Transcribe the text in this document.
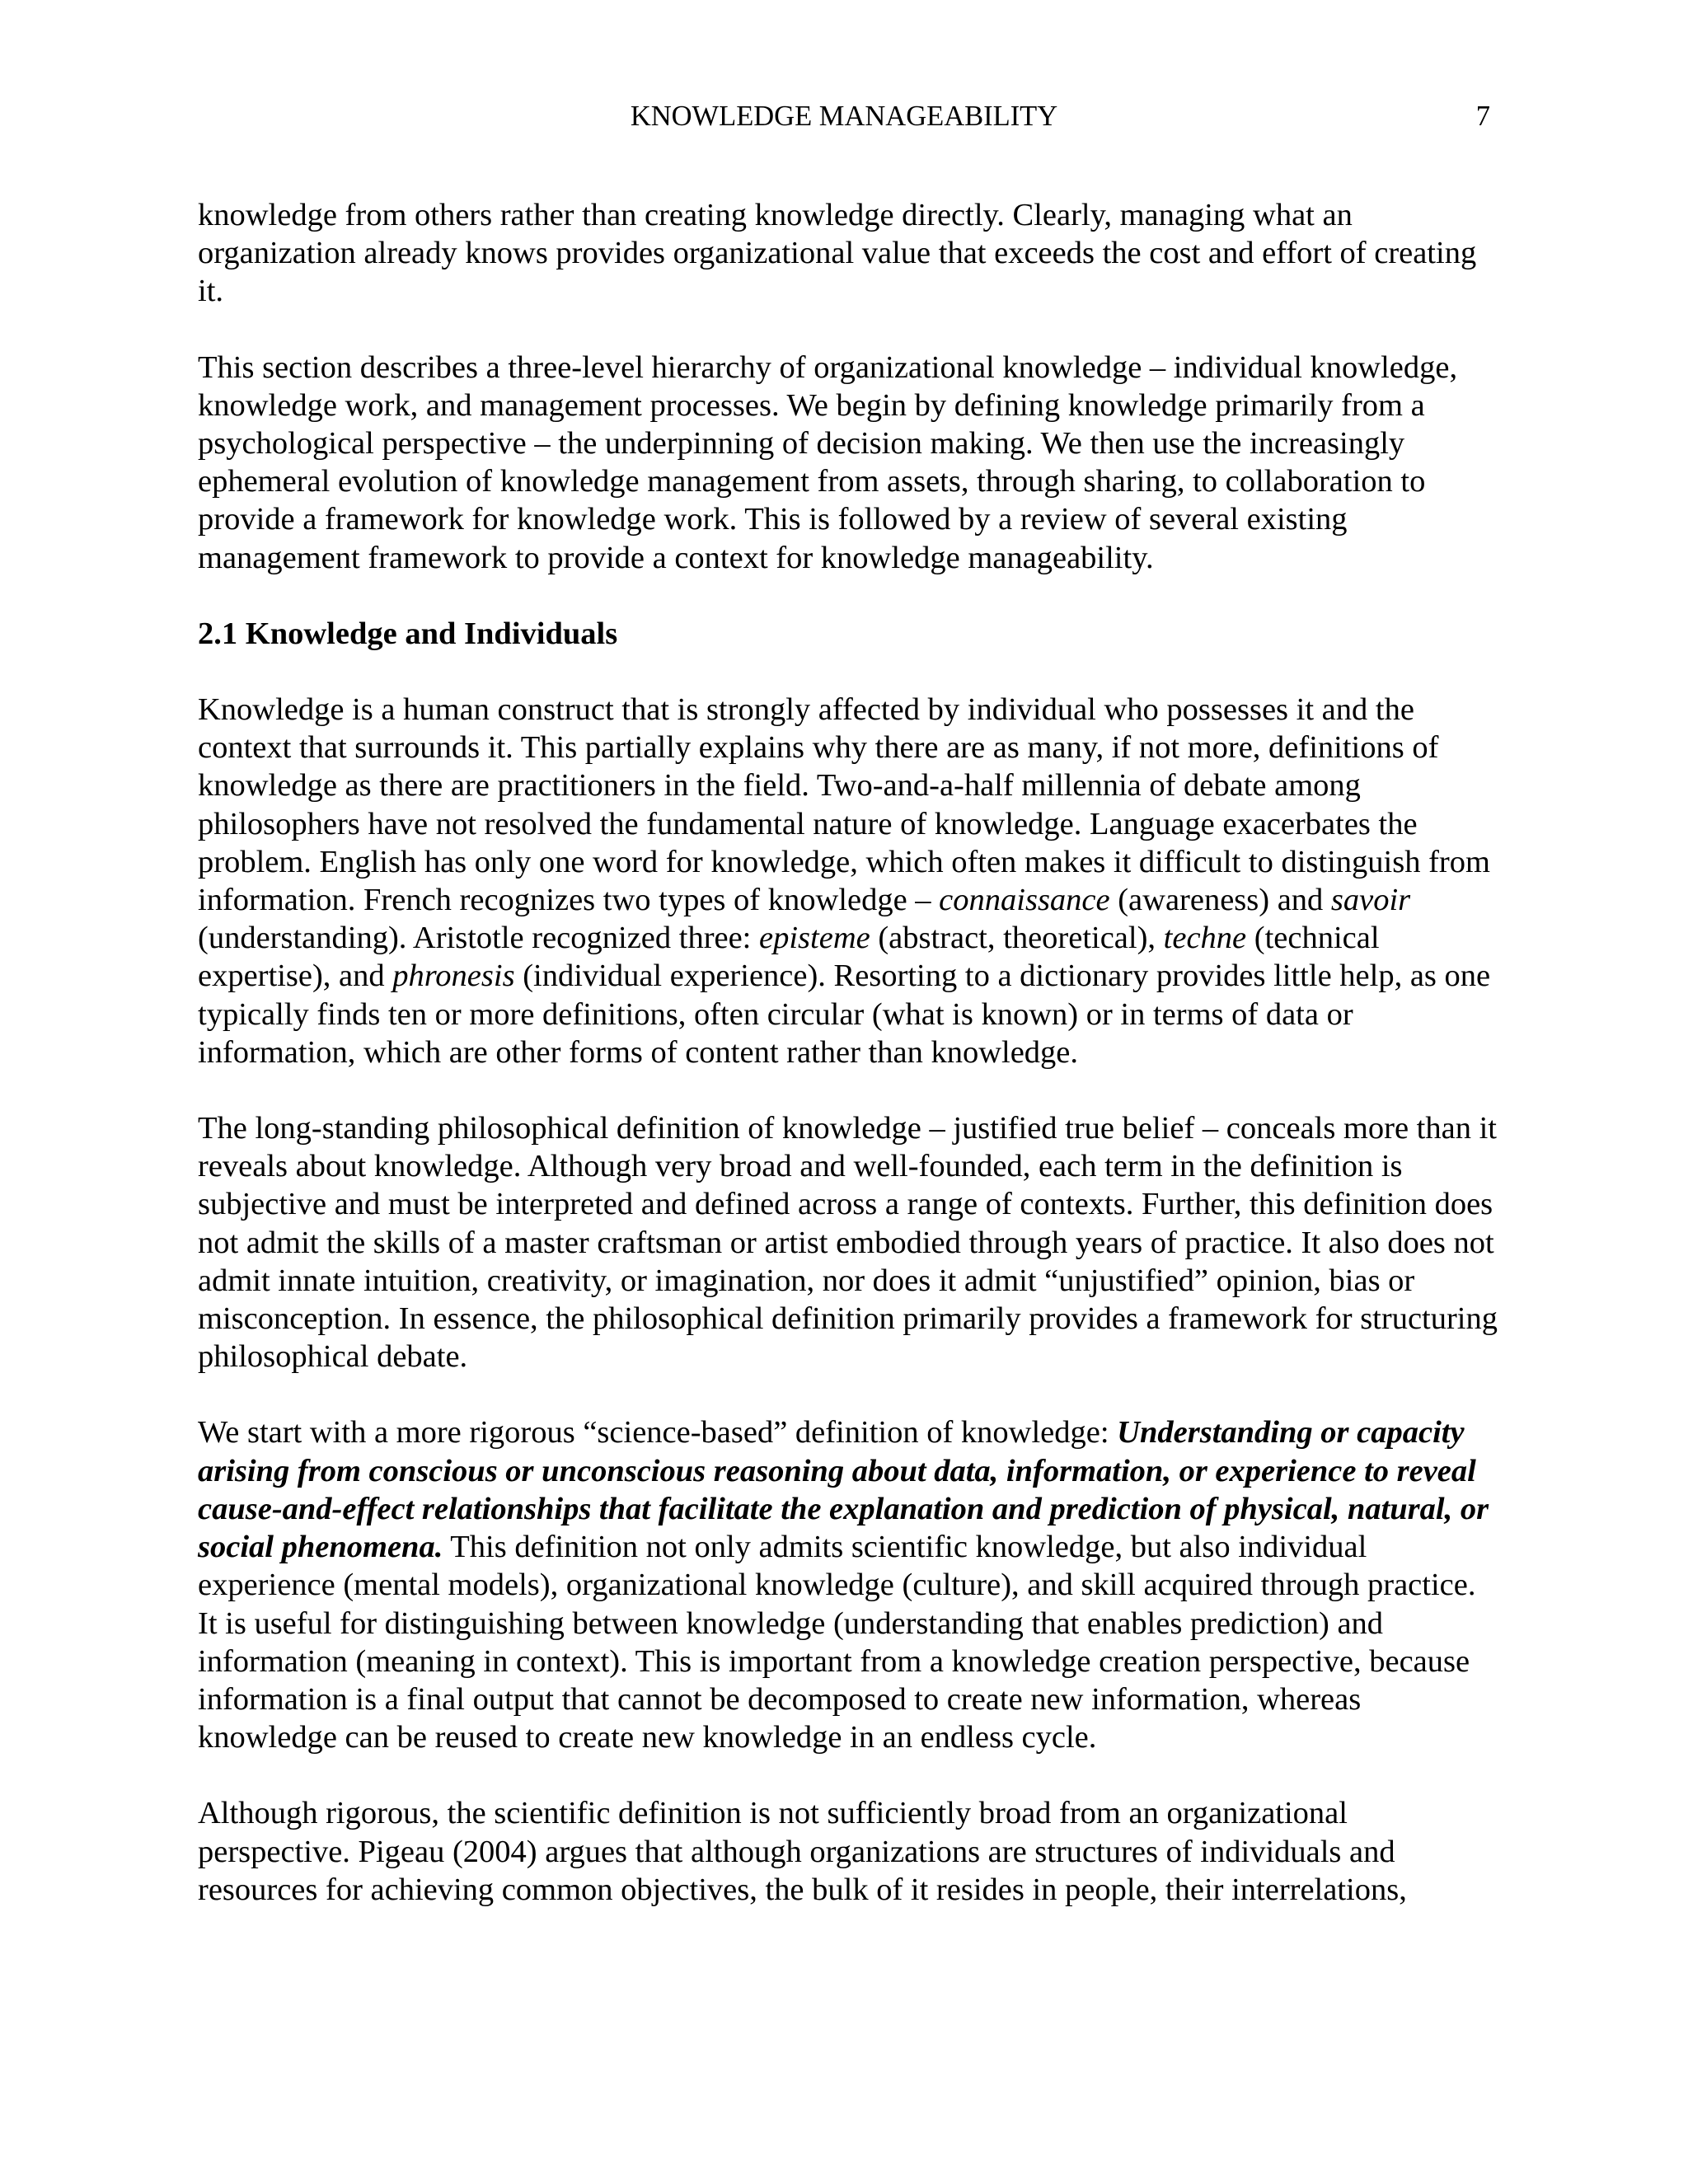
KNOWLEDGE MANAGEABILITY	7

knowledge from others rather than creating knowledge directly. Clearly, managing what an organization already knows provides organizational value that exceeds the cost and effort of creating it.

This section describes a three-level hierarchy of organizational knowledge – individual knowledge, knowledge work, and management processes. We begin by defining knowledge primarily from a psychological perspective – the underpinning of decision making. We then use the increasingly ephemeral evolution of knowledge management from assets, through sharing, to collaboration to provide a framework for knowledge work. This is followed by a review of several existing management framework to provide a context for knowledge manageability.

2.1 Knowledge and Individuals

Knowledge is a human construct that is strongly affected by individual who possesses it and the context that surrounds it. This partially explains why there are as many, if not more, definitions of knowledge as there are practitioners in the field. Two-and-a-half millennia of debate among philosophers have not resolved the fundamental nature of knowledge. Language exacerbates the problem. English has only one word for knowledge, which often makes it difficult to distinguish from information. French recognizes two types of knowledge – connaissance (awareness) and savoir (understanding). Aristotle recognized three: episteme (abstract, theoretical), techne (technical expertise), and phronesis (individual experience). Resorting to a dictionary provides little help, as one typically finds ten or more definitions, often circular (what is known) or in terms of data or information, which are other forms of content rather than knowledge.

The long-standing philosophical definition of knowledge – justified true belief – conceals more than it reveals about knowledge. Although very broad and well-founded, each term in the definition is subjective and must be interpreted and defined across a range of contexts. Further, this definition does not admit the skills of a master craftsman or artist embodied through years of practice. It also does not admit innate intuition, creativity, or imagination, nor does it admit “unjustified” opinion, bias or misconception. In essence, the philosophical definition primarily provides a framework for structuring philosophical debate.

We start with a more rigorous “science-based” definition of knowledge: Understanding or capacity arising from conscious or unconscious reasoning about data, information, or experience to reveal cause-and-effect relationships that facilitate the explanation and prediction of physical, natural, or social phenomena. This definition not only admits scientific knowledge, but also individual experience (mental models), organizational knowledge (culture), and skill acquired through practice. It is useful for distinguishing between knowledge (understanding that enables prediction) and information (meaning in context). This is important from a knowledge creation perspective, because information is a final output that cannot be decomposed to create new information, whereas knowledge can be reused to create new knowledge in an endless cycle.

Although rigorous, the scientific definition is not sufficiently broad from an organizational perspective. Pigeau (2004) argues that although organizations are structures of individuals and resources for achieving common objectives, the bulk of it resides in people, their interrelations,
